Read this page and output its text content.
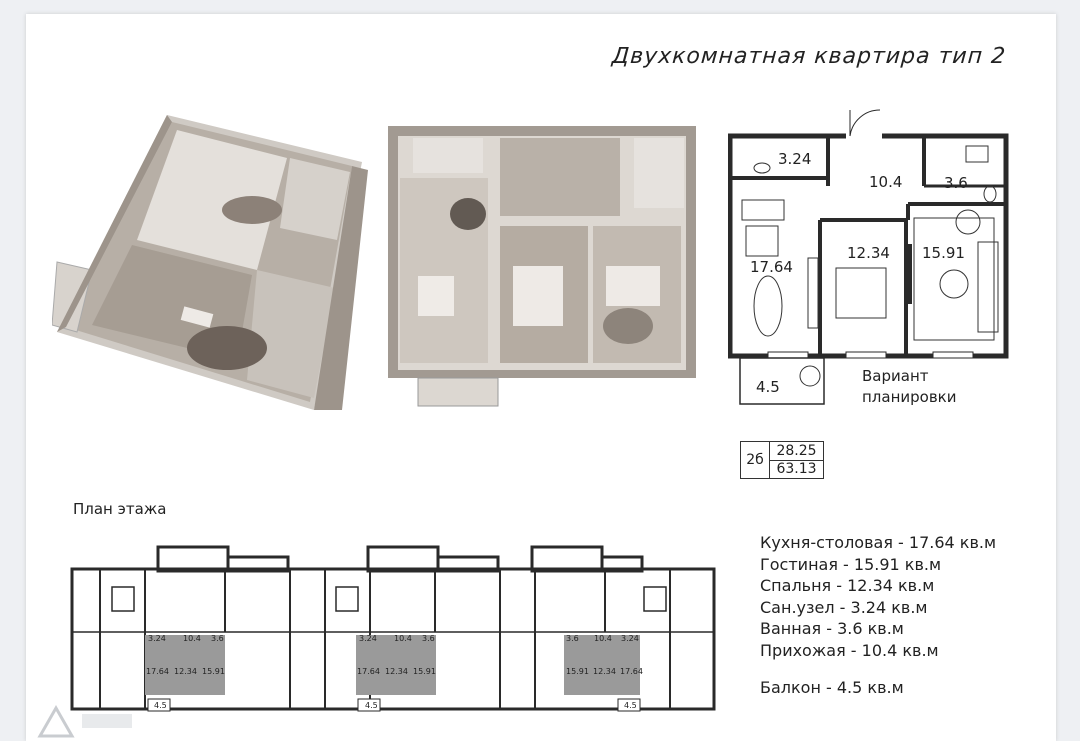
Двухкомнатная квартира тип 2
3.24
10.4	3.6
17.64
12.34 15.91
4.5
Вариант
планировки
2б
28.25
63.13
План этажа
3.24 10.4 3.6
17.64 12.34 15.91
4.5
3.24 10.4 3.6
17.64 12.34 15.91
4.5
3.6 10.4 3.24
15.91 12.34 17.64
4.5
Кухня-столовая - 17.64 кв.м
Гостиная - 15.91 кв.м
Спальня - 12.34 кв.м
Сан.узел - 3.24 кв.м
Ванная - 3.6 кв.м
Прихожая - 10.4 кв.м
Балкон - 4.5 кв.м
